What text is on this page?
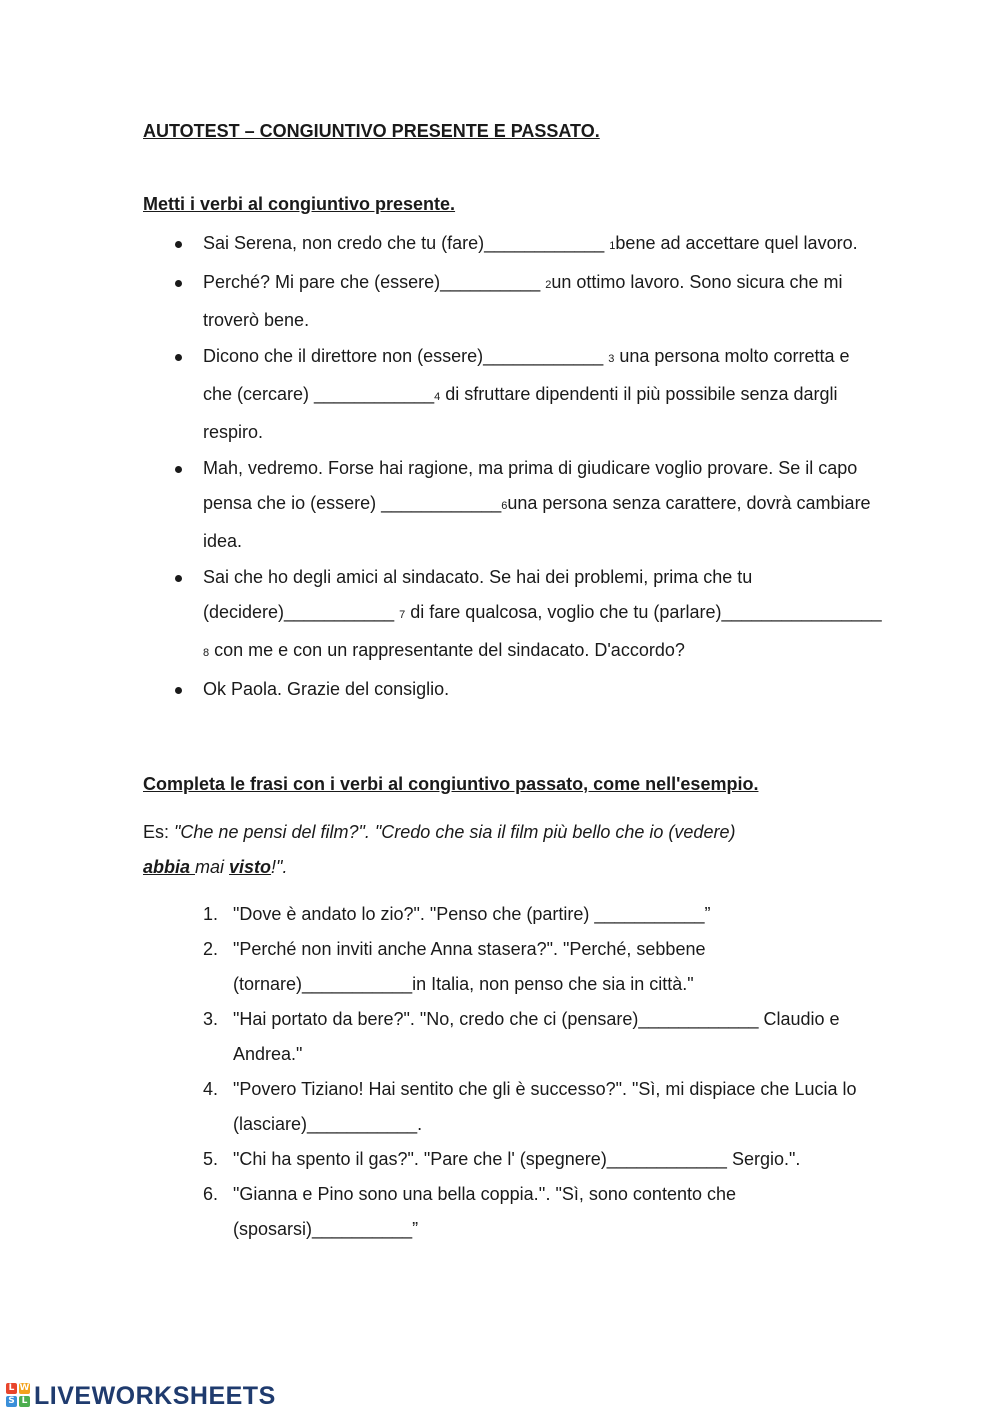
AUTOTEST – CONGIUNTIVO PRESENTE E PASSATO.
Metti i verbi al congiuntivo presente.
Sai Serena, non credo che tu (fare)____________ 1bene ad accettare quel lavoro.
Perché? Mi pare che (essere)__________ 2un ottimo lavoro. Sono sicura che mi troverò bene.
Dicono che il direttore non (essere)____________ 3 una persona molto corretta e che (cercare) ____________4 di sfruttare dipendenti il più possibile senza dargli respiro.
Mah, vedremo. Forse hai ragione, ma prima di giudicare voglio provare. Se il capo pensa che io (essere) ____________6una persona senza carattere, dovrà cambiare idea.
Sai che ho degli amici al sindacato. Se hai dei problemi, prima che tu (decidere)___________ 7 di fare qualcosa, voglio che tu (parlare)________________ 8 con me e con un rappresentante del sindacato. D'accordo?
Ok Paola. Grazie del consiglio.
Completa le frasi con i verbi al congiuntivo passato, come nell'esempio.
Es: "Che ne pensi del film?". "Credo che sia il film più bello che io (vedere)
abbia mai visto!".
1. "Dove è andato lo zio?". "Penso che (partire) ___________”
2. "Perché non inviti anche Anna stasera?". "Perché, sebbene (tornare)___________in Italia, non penso che sia in città."
3. "Hai portato da bere?". "No, credo che ci (pensare)____________ Claudio e Andrea."
4. "Povero Tiziano! Hai sentito che gli è successo?". "Sì, mi dispiace che Lucia lo (lasciare)___________.
5. "Chi ha spento il gas?". "Pare che l' (spegnere)____________ Sergio.".
6. "Gianna e Pino sono una bella coppia.''. "Sì, sono contento che (sposarsi)__________”
L W
S L LIVEWORKSHEETS
